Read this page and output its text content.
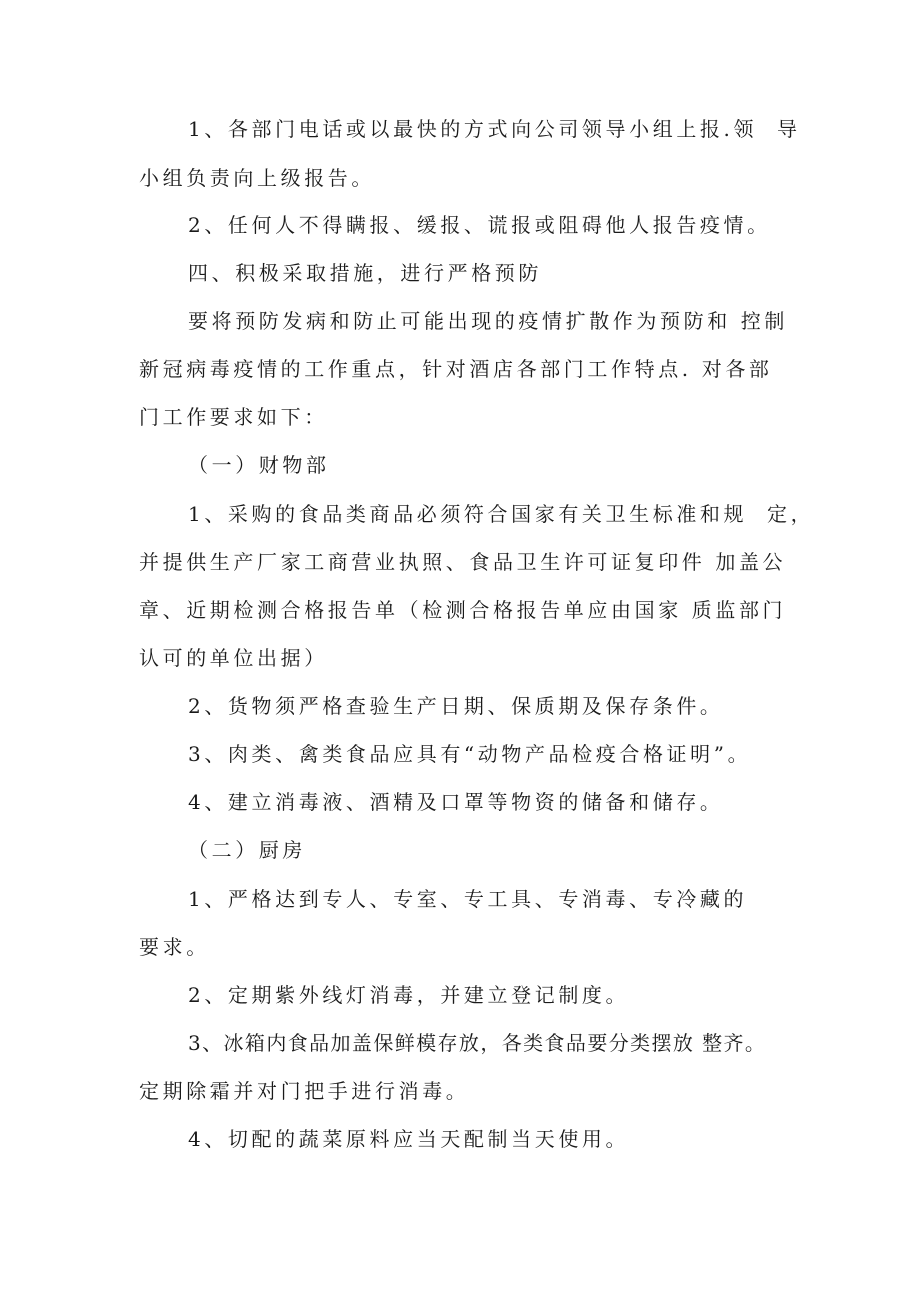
1、各部门电话或以最快的方式向公司领导小组上报.领  导

小组负责向上级报告。

2、任何人不得瞒报、缓报、谎报或阻碍他人报告疫情。

四、积极采取措施，进行严格预防

要将预防发病和防止可能出现的疫情扩散作为预防和 控制

新冠病毒疫情的工作重点，针对酒店各部门工作特点. 对各部

门工作要求如下：

（一）财物部

1、采购的食品类商品必须符合国家有关卫生标准和规  定，

并提供生产厂家工商营业执照、食品卫生许可证复印件 加盖公

章、近期检测合格报告单（检测合格报告单应由国家 质监部门

认可的单位出据）

2、货物须严格查验生产日期、保质期及保存条件。

3、肉类、禽类食品应具有“动物产品检疫合格证明”。

4、建立消毒液、酒精及口罩等物资的储备和储存。

（二）厨房

1、严格达到专人、专室、专工具、专消毒、专冷藏的

要求。

2、定期紫外线灯消毒，并建立登记制度。

3、冰箱内食品加盖保鲜模存放，各类食品要分类摆放 整齐。

定期除霜并对门把手进行消毒。

4、切配的蔬菜原料应当天配制当天使用。
